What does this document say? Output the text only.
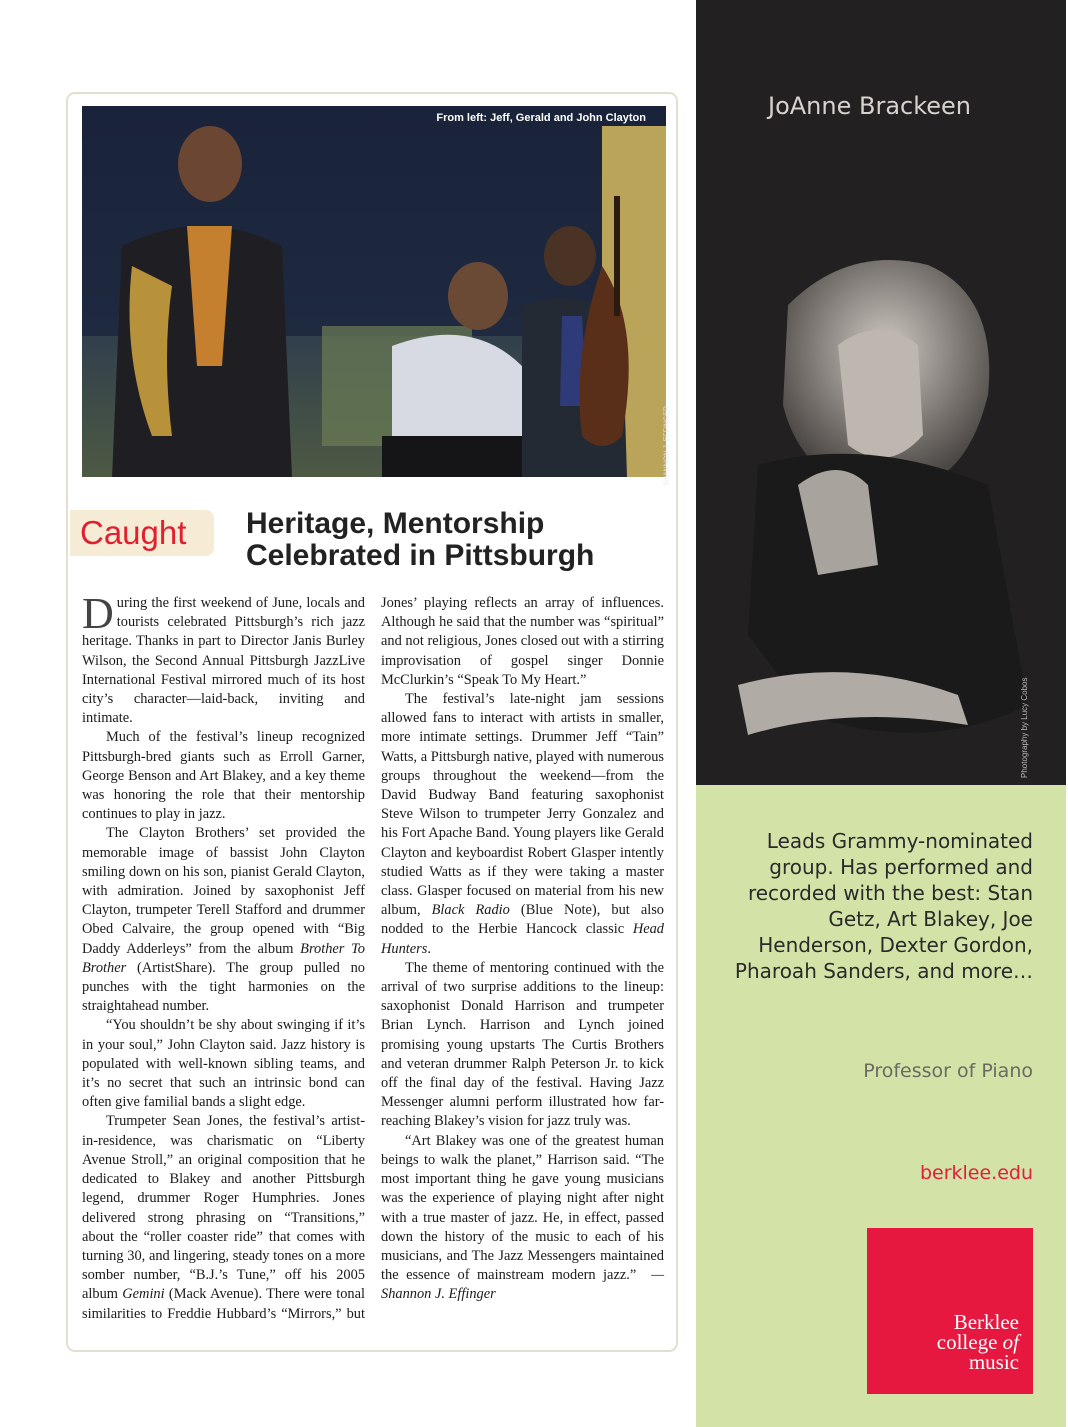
From left: Jeff, Gerald and John Clayton
SHANNON J. EFFINGER
Caught	Heritage, Mentorship
Celebrated in Pittsburgh

During the first weekend of June, locals and tourists celebrated Pittsburgh’s rich jazz heritage. Thanks in part to Director Janis Burley Wilson, the Second Annual Pittsburgh JazzLive International Festival mirrored much of its host city’s character—laid-back, inviting and intimate.

Much of the festival’s lineup recognized Pittsburgh-bred giants such as Erroll Garner, George Benson and Art Blakey, and a key theme was honoring the role that their mentorship continues to play in jazz.

The Clayton Brothers’ set provided the memorable image of bassist John Clayton smiling down on his son, pianist Gerald Clayton, with admiration. Joined by saxophonist Jeff Clayton, trumpeter Terell Stafford and drummer Obed Calvaire, the group opened with “Big Daddy Adderleys” from the album Brother To Brother (ArtistShare). The group pulled no punches with the tight harmonies on the straightahead number.

“You shouldn’t be shy about swinging if it’s in your soul,” John Clayton said. Jazz history is populated with well-known sibling teams, and it’s no secret that such an intrinsic bond can often give familial bands a slight edge.

Trumpeter Sean Jones, the festival’s artist-in-residence, was charismatic on “Liberty Avenue Stroll,” an original composition that he dedicated to Blakey and another Pittsburgh legend, drummer Roger Humphries. Jones delivered strong phrasing on “Transitions,” about the “roller coaster ride” that comes with turning 30, and lingering, steady tones on a more somber number, “B.J.’s Tune,” off his 2005 album Gemini (Mack Avenue). There were tonal similarities to Freddie Hubbard’s “Mirrors,” but Jones’ playing reflects an array of influences. Although he said that the number was “spiritual” and not religious, Jones closed out with a stirring improvisation of gospel singer Donnie McClurkin’s “Speak To My Heart.”

The festival’s late-night jam sessions allowed fans to interact with artists in smaller, more intimate settings. Drummer Jeff “Tain” Watts, a Pittsburgh native, played with numerous groups throughout the weekend—from the David Budway Band featuring saxophonist Steve Wilson to trumpeter Jerry Gonzalez and his Fort Apache Band. Young players like Gerald Clayton and keyboardist Robert Glasper intently studied Watts as if they were taking a master class. Glasper focused on material from his new album, Black Radio (Blue Note), but also nodded to the Herbie Hancock classic Head Hunters.

The theme of mentoring continued with the arrival of two surprise additions to the lineup: saxophonist Donald Harrison and trumpeter Brian Lynch. Harrison and Lynch joined promising young upstarts The Curtis Brothers and veteran drummer Ralph Peterson Jr. to kick off the final day of the festival. Having Jazz Messenger alumni perform illustrated how far-reaching Blakey’s vision for jazz truly was.

“Art Blakey was one of the greatest human beings to walk the planet,” Harrison said. “The most important thing he gave young musicians was the experience of playing night after night with a true master of jazz. He, in effect, passed down the history of the music to each of his musicians, and The Jazz Messengers maintained the essence of mainstream modern jazz.” —Shannon J. Effinger

JoAnne Brackeen
Photography by Lucy Cobos

Leads Grammy-nominated group. Has performed and recorded with the best: Stan Getz, Art Blakey, Joe Henderson, Dexter Gordon, Pharoah Sanders, and more…

Professor of Piano

berklee.edu

Berklee
college of
music
